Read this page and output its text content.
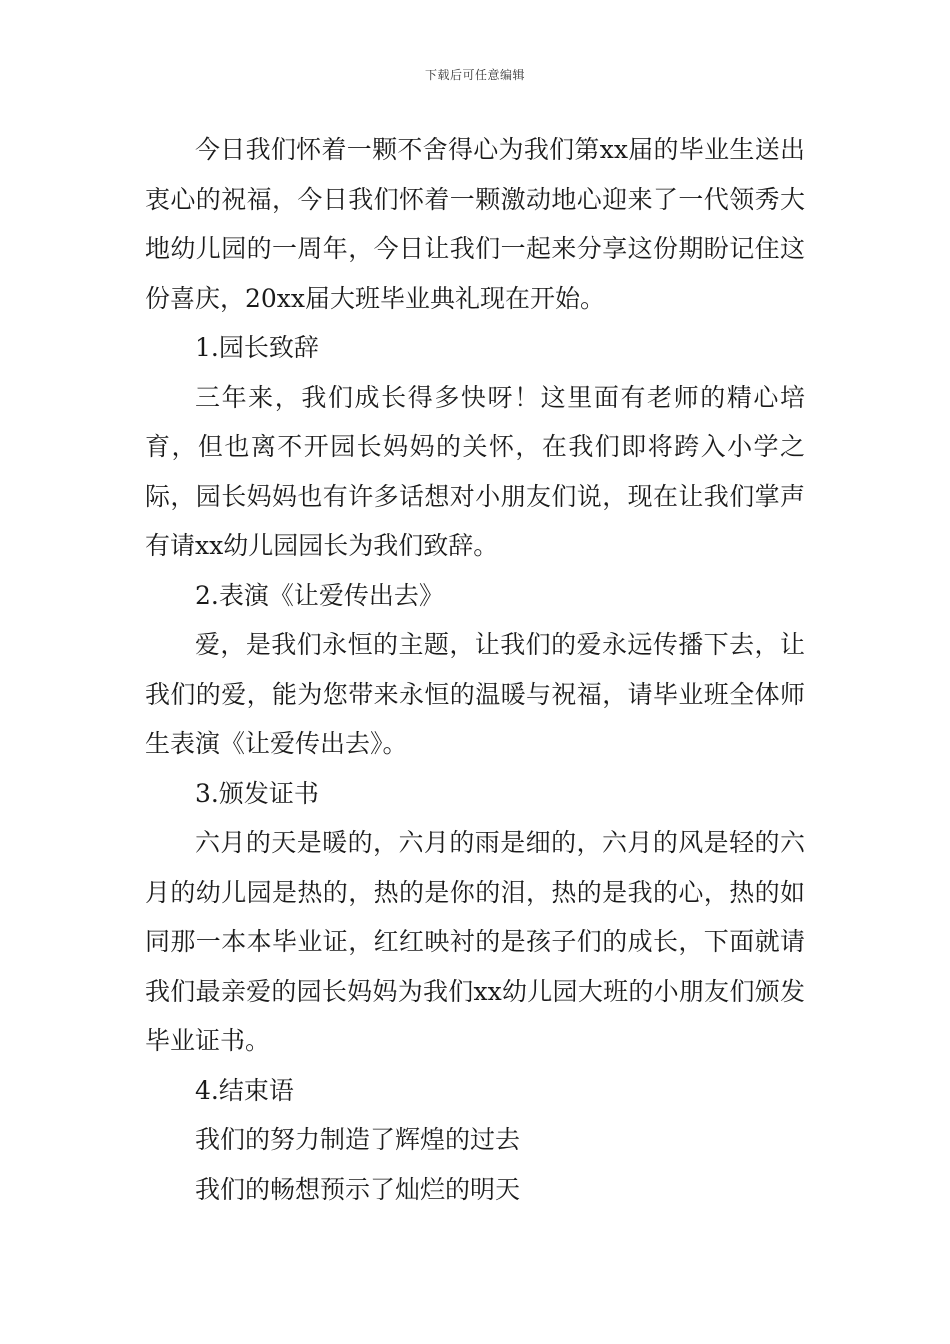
下载后可任意编辑

今日我们怀着一颗不舍得心为我们第xx届的毕业生送出衷心的祝福，今日我们怀着一颗激动地心迎来了一代领秀大地幼儿园的一周年，今日让我们一起来分享这份期盼记住这份喜庆，20xx届大班毕业典礼现在开始。

1.园长致辞

三年来，我们成长得多快呀！这里面有老师的精心培育，但也离不开园长妈妈的关怀，在我们即将跨入小学之际，园长妈妈也有许多话想对小朋友们说，现在让我们掌声有请xx幼儿园园长为我们致辞。

2.表演《让爱传出去》

爱，是我们永恒的主题，让我们的爱永远传播下去，让我们的爱，能为您带来永恒的温暖与祝福，请毕业班全体师生表演《让爱传出去》。

3.颁发证书

六月的天是暖的，六月的雨是细的，六月的风是轻的六月的幼儿园是热的，热的是你的泪，热的是我的心，热的如同那一本本毕业证，红红映衬的是孩子们的成长，下面就请我们最亲爱的园长妈妈为我们xx幼儿园大班的小朋友们颁发毕业证书。

4.结束语

我们的努力制造了辉煌的过去

我们的畅想预示了灿烂的明天
